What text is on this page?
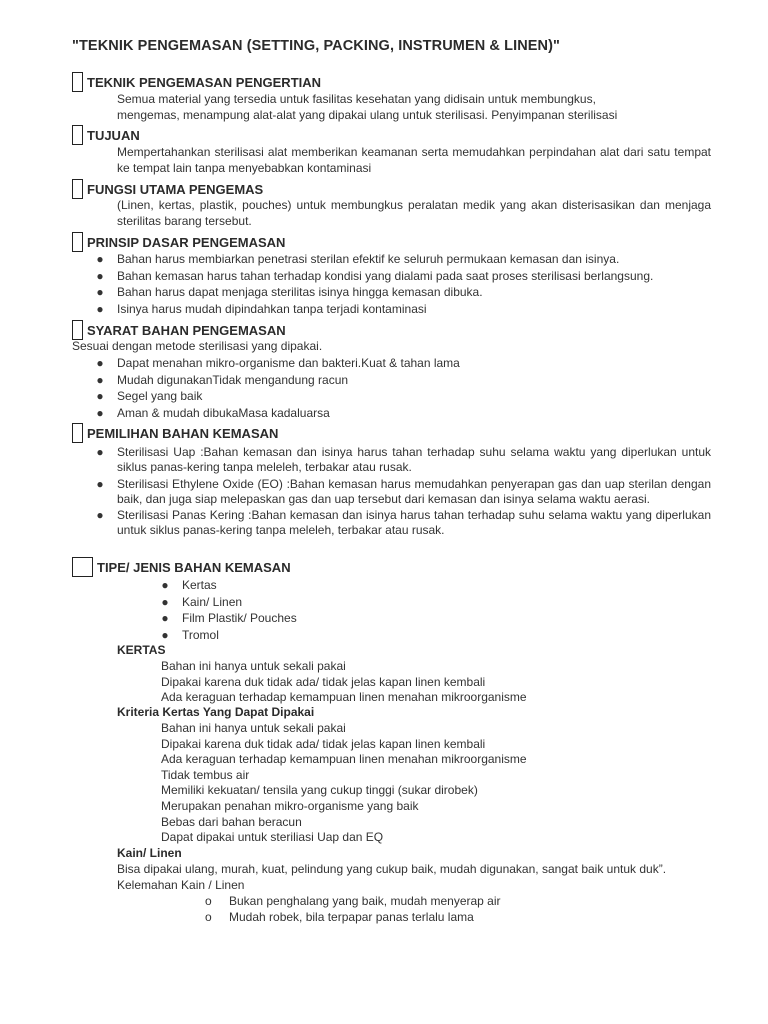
"TEKNIK PENGEMASAN (SETTING, PACKING, INSTRUMEN & LINEN)"
TEKNIK PENGEMASAN PENGERTIAN
Semua material yang tersedia untuk fasilitas kesehatan yang didisain untuk membungkus,
mengemas, menampung alat-alat yang dipakai ulang untuk sterilisasi. Penyimpanan sterilisasi
TUJUAN

Mempertahankan sterilisasi alat memberikan keamanan serta memudahkan perpindahan alat dari satu tempat ke tempat lain tanpa menyebabkan kontaminasi

FUNGSI UTAMA PENGEMAS

(Linen, kertas, plastik, pouches) untuk membungkus peralatan medik yang akan disterisasikan dan menjaga sterilitas barang tersebut.

PRINSIP DASAR PENGEMASAN
● Bahan harus membiarkan penetrasi sterilan efektif ke seluruh permukaan kemasan dan isinya.
● Bahan kemasan harus tahan terhadap kondisi yang dialami pada saat proses sterilisasi berlangsung.
● Bahan harus dapat menjaga sterilitas isinya hingga kemasan dibuka.
● Isinya harus mudah dipindahkan tanpa terjadi kontaminasi
SYARAT BAHAN PENGEMASAN

Sesuai dengan metode sterilisasi yang dipakai.

● Dapat menahan mikro-organisme dan bakteri.Kuat & tahan lama
● Mudah digunakanTidak mengandung racun
● Segel yang baik
● Aman & mudah dibukaMasa kadaluarsa
PEMILIHAN BAHAN KEMASAN
● Sterilisasi Uap :Bahan kemasan dan isinya harus tahan terhadap suhu selama waktu yang diperlukan untuk siklus panas-kering tanpa meleleh, terbakar atau rusak.
● Sterilisasi Ethylene Oxide (EO) :Bahan kemasan harus memudahkan penyerapan gas dan uap sterilan dengan baik, dan juga siap melepaskan gas dan uap tersebut dari kemasan dan isinya selama waktu aerasi.
● Sterilisasi Panas Kering :Bahan kemasan dan isinya harus tahan terhadap suhu selama waktu yang diperlukan untuk siklus panas-kering tanpa meleleh, terbakar atau rusak.
TIPE/ JENIS BAHAN KEMASAN
● Kertas
● Kain/ Linen
● Film Plastik/ Pouches
● Tromol
KERTAS
Bahan ini hanya untuk sekali pakai
Dipakai karena duk tidak ada/ tidak jelas kapan linen kembali
Ada keraguan terhadap kemampuan linen menahan mikroorganisme
Kriteria Kertas Yang Dapat Dipakai
Bahan ini hanya untuk sekali pakai
Dipakai karena duk tidak ada/ tidak jelas kapan linen kembali
Ada keraguan terhadap kemampuan linen menahan mikroorganisme
Tidak tembus air
Memiliki kekuatan/ tensila yang cukup tinggi (sukar dirobek)
Merupakan penahan mikro-organisme yang baik
Bebas dari bahan beracun
Dapat dipakai untuk steriliasi Uap dan EQ
Kain/ Linen
Bisa dipakai ulang, murah, kuat, pelindung yang cukup baik, mudah digunakan, sangat baik untuk duk”.
Kelemahan Kain / Linen
o Bukan penghalang yang baik, mudah menyerap air
o Mudah robek, bila terpapar panas terlalu lama
